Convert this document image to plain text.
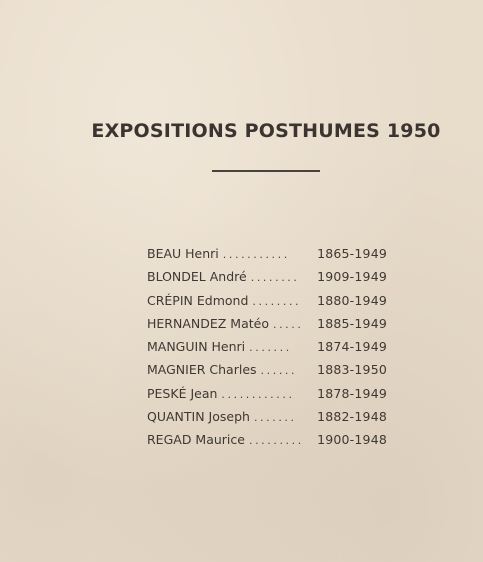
EXPOSITIONS POSTHUMES 1950
BEAU Henri ...........	1865-1949
BLONDEL André ........	1909-1949
CRÉPIN Edmond ........	1880-1949
HERNANDEZ Matéo .....	1885-1949
MANGUIN Henri .......	1874-1949
MAGNIER Charles ......	1883-1950
PESKÉ Jean ............	1878-1949
QUANTIN Joseph .......	1882-1948
REGAD Maurice .........	1900-1948
